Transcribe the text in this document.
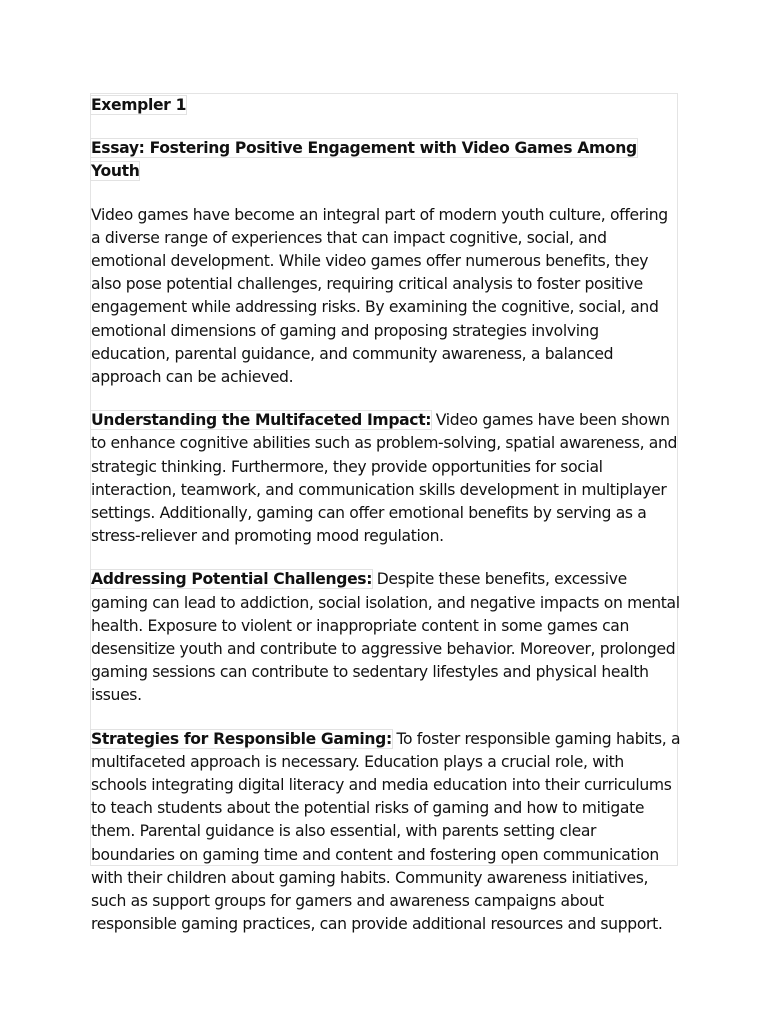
Exempler 1

Essay: Fostering Positive Engagement with Video Games Among Youth

Video games have become an integral part of modern youth culture, offering a diverse range of experiences that can impact cognitive, social, and emotional development. While video games offer numerous benefits, they also pose potential challenges, requiring critical analysis to foster positive engagement while addressing risks. By examining the cognitive, social, and emotional dimensions of gaming and proposing strategies involving education, parental guidance, and community awareness, a balanced approach can be achieved.

Understanding the Multifaceted Impact: Video games have been shown to enhance cognitive abilities such as problem-solving, spatial awareness, and strategic thinking. Furthermore, they provide opportunities for social interaction, teamwork, and communication skills development in multiplayer settings. Additionally, gaming can offer emotional benefits by serving as a stress-reliever and promoting mood regulation.

Addressing Potential Challenges: Despite these benefits, excessive gaming can lead to addiction, social isolation, and negative impacts on mental health. Exposure to violent or inappropriate content in some games can desensitize youth and contribute to aggressive behavior. Moreover, prolonged gaming sessions can contribute to sedentary lifestyles and physical health issues.

Strategies for Responsible Gaming: To foster responsible gaming habits, a multifaceted approach is necessary. Education plays a crucial role, with schools integrating digital literacy and media education into their curriculums to teach students about the potential risks of gaming and how to mitigate them. Parental guidance is also essential, with parents setting clear boundaries on gaming time and content and fostering open communication with their children about gaming habits. Community awareness initiatives, such as support groups for gamers and awareness campaigns about responsible gaming practices, can provide additional resources and support.
